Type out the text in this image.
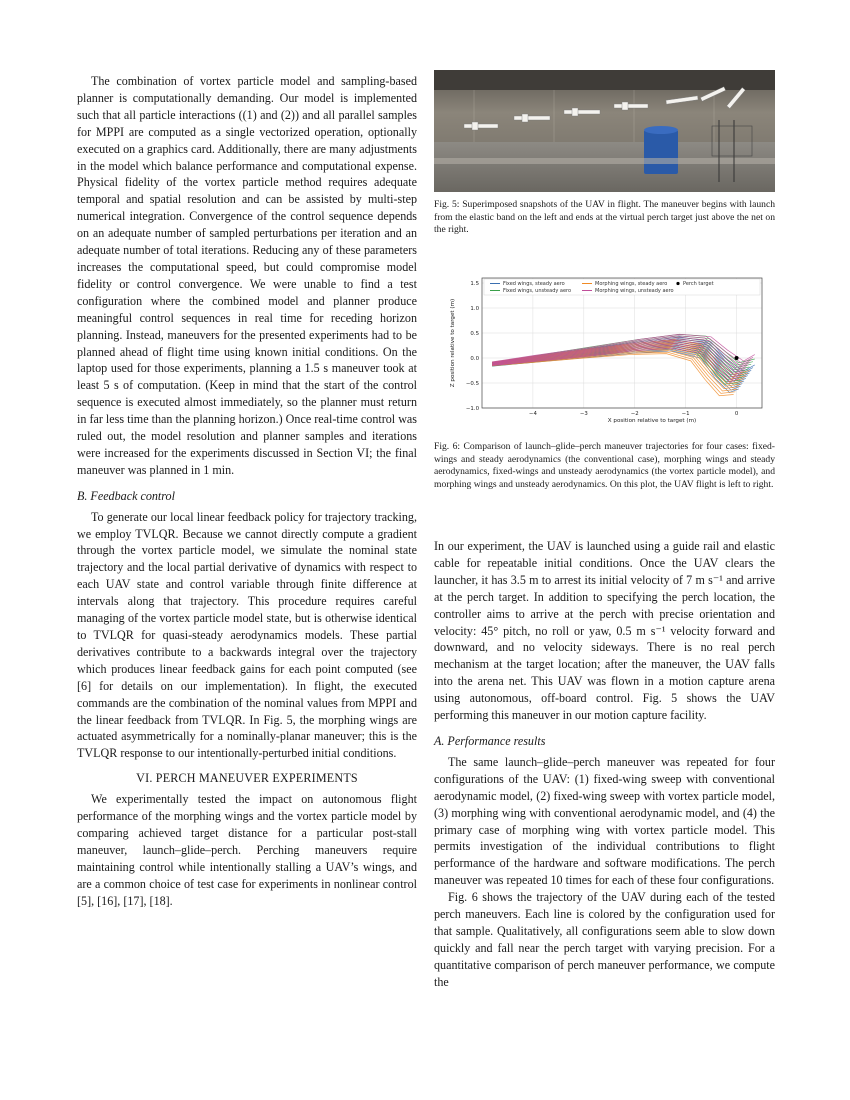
The combination of vortex particle model and sampling-based planner is computationally demanding. Our model is implemented such that all particle interactions ((1) and (2)) and all parallel samples for MPPI are computed as a single vectorized operation, optionally executed on a graphics card. Additionally, there are many adjustments in the model which balance performance and computational expense. Physical fidelity of the vortex particle method requires adequate temporal and spatial resolution and can be assisted by multi-step numerical integration. Convergence of the control sequence depends on an adequate number of sampled perturbations per iteration and an adequate number of total iterations. Reducing any of these parameters increases the computational speed, but could compromise model fidelity or control convergence. We were unable to find a test configuration where the combined model and planner produce meaningful control sequences in real time for receding horizon planning. Instead, maneuvers for the presented experiments had to be planned ahead of flight time using known initial conditions. On the laptop used for those experiments, planning a 1.5 s maneuver took at least 5 s of computation. (Keep in mind that the start of the control sequence is executed almost immediately, so the planner must return in far less time than the planning horizon.) Once real-time control was ruled out, the model resolution and planner samples and iterations were increased for the experiments discussed in Section VI; the final maneuver was planned in 1 min.

B. Feedback control

To generate our local linear feedback policy for trajectory tracking, we employ TVLQR. Because we cannot directly compute a gradient through the vortex particle model, we simulate the nominal state trajectory and the local partial derivative of dynamics with respect to each UAV state and control variable through finite difference at intervals along that trajectory. This procedure requires careful managing of the vortex particle model state, but is otherwise identical to TVLQR for quasi-steady aerodynamics models. These partial derivatives contribute to a backwards integral over the trajectory which produces linear feedback gains for each point computed (see [6] for details on our implementation). In flight, the executed commands are the combination of the nominal values from MPPI and the linear feedback from TVLQR. In Fig. 5, the morphing wings are actuated asymmetrically for a nominally-planar maneuver; this is the TVLQR response to our intentionally-perturbed initial conditions.

VI. PERCH MANEUVER EXPERIMENTS

We experimentally tested the impact on autonomous flight performance of the morphing wings and the vortex particle model by comparing achieved target distance for a particular post-stall maneuver, launch–glide–perch. Perching maneuvers require maintaining control while intentionally stalling a UAV’s wings, and are a common choice of test case for experiments in nonlinear control [5], [16], [17], [18].

Fig. 5: Superimposed snapshots of the UAV in flight. The maneuver begins with launch from the elastic band on the left and ends at the virtual perch target just above the net on the right.

−4	−3	−2	−1	0
1.5
1.0
0.5
0.0
−0.5
−1.0
X position relative to target (m)
Z position relative to target (m)
Fixed wings, steady aero
Fixed wings, unsteady aero
Morphing wings, steady aero
Morphing wings, unsteady aero
Perch target

Fig. 6: Comparison of launch–glide–perch maneuver trajectories for four cases: fixed-wings and steady aerodynamics (the conventional case), morphing wings and steady aerodynamics, fixed-wings and unsteady aerodynamics (the vortex particle model), and morphing wings and unsteady aerodynamics. On this plot, the UAV flight is left to right.

In our experiment, the UAV is launched using a guide rail and elastic cable for repeatable initial conditions. Once the UAV clears the launcher, it has 3.5 m to arrest its initial velocity of 7 m s⁻¹ and arrive at the perch target. In addition to specifying the perch location, the controller aims to arrive at the perch with precise orientation and velocity: 45° pitch, no roll or yaw, 0.5 m s⁻¹ velocity forward and downward, and no velocity sideways. There is no real perch mechanism at the target location; after the maneuver, the UAV falls into the arena net. This UAV was flown in a motion capture arena using autonomous, off-board control. Fig. 5 shows the UAV performing this maneuver in our motion capture facility.

A. Performance results

The same launch–glide–perch maneuver was repeated for four configurations of the UAV: (1) fixed-wing sweep with conventional aerodynamic model, (2) fixed-wing sweep with vortex particle model, (3) morphing wing with conventional aerodynamic model, and (4) the primary case of morphing wing with vortex particle model. This permits investigation of the individual contributions to flight performance of the hardware and software modifications. The perch maneuver was repeated 10 times for each of these four configurations.

Fig. 6 shows the trajectory of the UAV during each of the tested perch maneuvers. Each line is colored by the configuration used for that sample. Qualitatively, all configurations seem able to slow down quickly and fall near the perch target with varying precision. For a quantitative comparison of perch maneuver performance, we compute the
